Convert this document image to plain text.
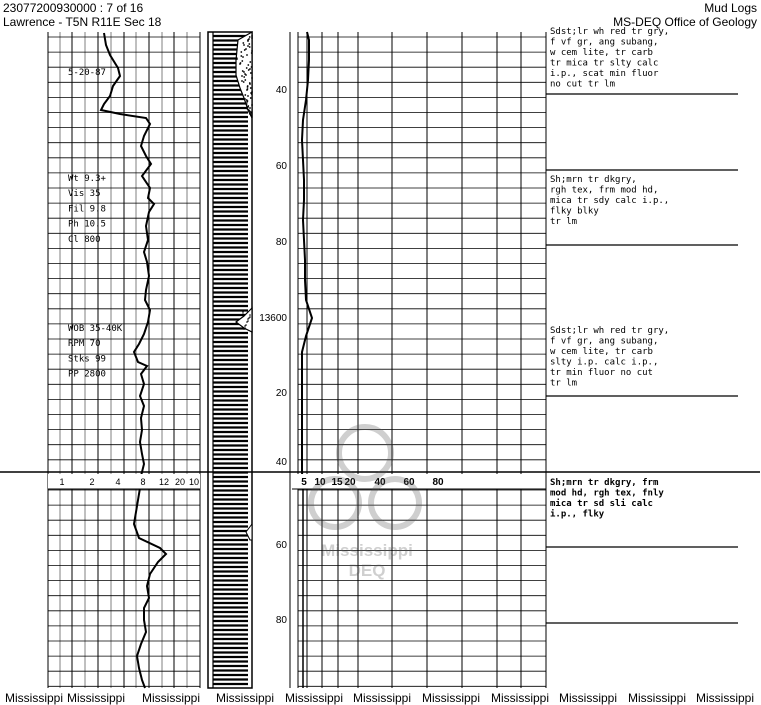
23077200930000 : 7 of 16
Lawrence - T5N R11E Sec 18
Mud Logs
MS-DEQ Office of Geology
5-20-87
Wt 9.3+
Vis 35
Fil 9.8
Ph 10.5
Cl 800
WOB 35-40K
RPM 70
Stks 99
PP 2800
40
60
80
13600
20
40
60
80
1	2 4 8 12 20 10	5 10 15 20 40 60 80
Mississippi
DEQ
Sdst;lr wh red tr gry, f vf gr, ang subang, w cem lite, tr carb tr mica tr slty calc i.p., scat min fluor no cut tr lm
Sh;mrn tr dkgry, rgh tex, frm mod hd, mica tr sdy calc i.p., flky blky tr lm
Sdst;lr wh red tr gry, f vf gr, ang subang, w cem lite, tr carb slty i.p. calc i.p., tr min fluor no cut tr lm
Sh;mrn tr dkgry, frm mod hd, rgh tex, fnly mica tr sd sli calc i.p., flky
Mississippi Mississippi Mississippi Mississippi Mississippi Mississippi Mississippi Mississippi Mississippi Mississippi Mississippi
